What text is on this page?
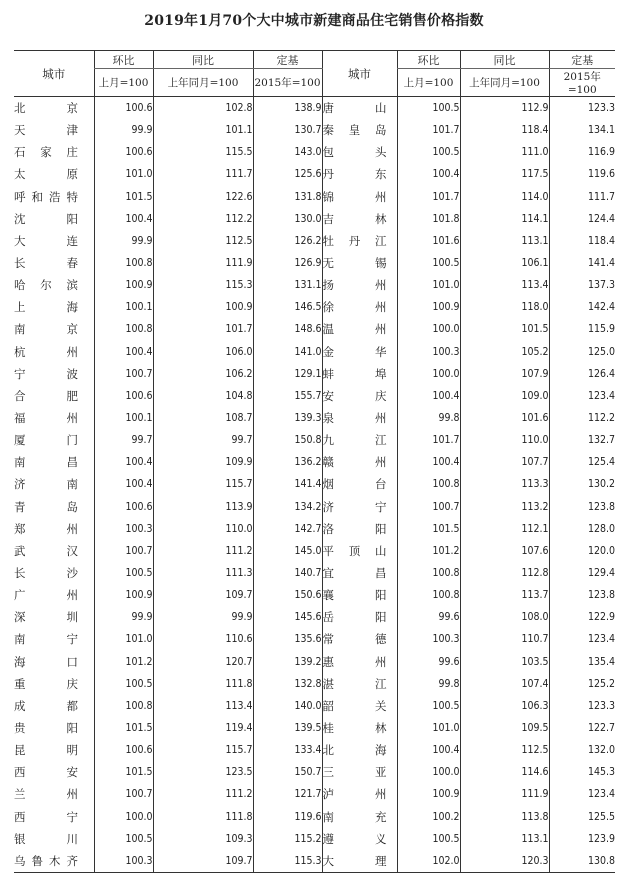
2019年1月70个大中城市新建商品住宅销售价格指数
城市	环比	同比	定基	城市	环比	同比	定基
	上月=100	上年同月=100	2015年=100		上月=100	上年同月=100	2015年=100
北京	100.6	102.8	138.9	唐山	100.5	112.9	123.3
天津	99.9	101.1	130.7	秦皇岛	101.7	118.4	134.1
石家庄	100.6	115.5	143.0	包头	100.5	111.0	116.9
太原	101.0	111.7	125.6	丹东	100.4	117.5	119.6
呼和浩特	101.5	122.6	131.8	锦州	101.7	114.0	111.7
沈阳	100.4	112.2	130.0	吉林	101.8	114.1	124.4
大连	99.9	112.5	126.2	牡丹江	101.6	113.1	118.4
长春	100.8	111.9	126.9	无锡	100.5	106.1	141.4
哈尔滨	100.9	115.3	131.1	扬州	101.0	113.4	137.3
上海	100.1	100.9	146.5	徐州	100.9	118.0	142.4
南京	100.8	101.7	148.6	温州	100.0	101.5	115.9
杭州	100.4	106.0	141.0	金华	100.3	105.2	125.0
宁波	100.7	106.2	129.1	蚌埠	100.0	107.9	126.4
合肥	100.6	104.8	155.7	安庆	100.4	109.0	123.4
福州	100.1	108.7	139.3	泉州	99.8	101.6	112.2
厦门	99.7	99.7	150.8	九江	101.7	110.0	132.7
南昌	100.4	109.9	136.2	赣州	100.4	107.7	125.4
济南	100.4	115.7	141.4	烟台	100.8	113.3	130.2
青岛	100.6	113.9	134.2	济宁	100.7	113.2	123.8
郑州	100.3	110.0	142.7	洛阳	101.5	112.1	128.0
武汉	100.7	111.2	145.0	平顶山	101.2	107.6	120.0
长沙	100.5	111.3	140.7	宜昌	100.8	112.8	129.4
广州	100.9	109.7	150.6	襄阳	100.8	113.7	123.8
深圳	99.9	99.9	145.6	岳阳	99.6	108.0	122.9
南宁	101.0	110.6	135.6	常德	100.3	110.7	123.4
海口	101.2	120.7	139.2	惠州	99.6	103.5	135.4
重庆	100.5	111.8	132.8	湛江	99.8	107.4	125.2
成都	100.8	113.4	140.0	韶关	100.5	106.3	123.3
贵阳	101.5	119.4	139.5	桂林	101.0	109.5	122.7
昆明	100.6	115.7	133.4	北海	100.4	112.5	132.0
西安	101.5	123.5	150.7	三亚	100.0	114.6	145.3
兰州	100.7	111.2	121.7	泸州	100.9	111.9	123.4
西宁	100.0	111.8	119.6	南充	100.2	113.8	125.5
银川	100.5	109.3	115.2	遵义	100.5	113.1	123.9
乌鲁木齐	100.3	109.7	115.3	大理	102.0	120.3	130.8
